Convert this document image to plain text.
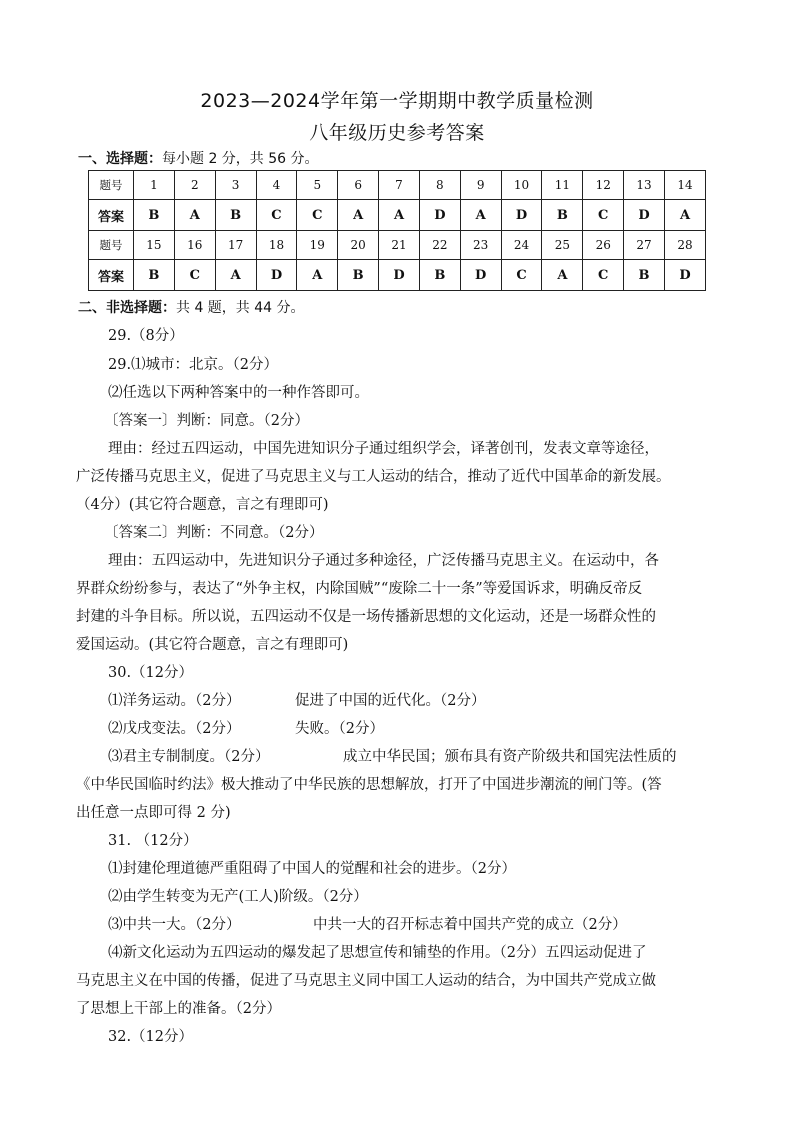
2023—2024学年第一学期期中教学质量检测
八年级历史参考答案
一、选择题：每小题 2 分，共 56 分。
题号	1	2	3	4	5	6	7	8	9	10	11	12	13	14
答案	B	A	B	C	C	A	A	D	A	D	B	C	D	A
题号	15	16	17	18	19	20	21	22	23	24	25	26	27	28
答案	B	C	A	D	A	B	D	B	D	C	A	C	B	D
二、非选择题：共 4 题，共 44 分。
29.（8分）
29.⑴城市：北京。（2分）
⑵任选以下两种答案中的一种作答即可。
〔答案一〕判断：同意。（2分）
理由：经过五四运动，中国先进知识分子通过组织学会，译著创刊，发表文章等途径，
广泛传播马克思主义，促进了马克思主义与工人运动的结合，推动了近代中国革命的新发展。
（4分）(其它符合题意，言之有理即可)
〔答案二〕判断：不同意。（2分）
理由：五四运动中，先进知识分子通过多种途径，广泛传播马克思主义。在运动中，各
界群众纷纷参与，表达了“外争主权，内除国贼”“废除二十一条”等爱国诉求，明确反帝反
封建的斗争目标。所以说，五四运动不仅是一场传播新思想的文化运动，还是一场群众性的
爱国运动。(其它符合题意，言之有理即可)
30.（12分）
⑴洋务运动。（2分）	促进了中国的近代化。（2分）
⑵戊戌变法。（2分）	失败。（2分）
⑶君主专制制度。（2分）	成立中华民国；颁布具有资产阶级共和国宪法性质的
《中华民国临时约法》极大推动了中华民族的思想解放，打开了中国进步潮流的闸门等。(答
出任意一点即可得 2 分)
31. （12分）
⑴封建伦理道德严重阻碍了中国人的觉醒和社会的进步。（2分）
⑵由学生转变为无产(工人)阶级。（2分）
⑶中共一大。（2分）	中共一大的召开标志着中国共产党的成立（2分）
⑷新文化运动为五四运动的爆发起了思想宣传和铺垫的作用。（2分）五四运动促进了
马克思主义在中国的传播，促进了马克思主义同中国工人运动的结合，为中国共产党成立做
了思想上干部上的准备。（2分）
32.（12分）
